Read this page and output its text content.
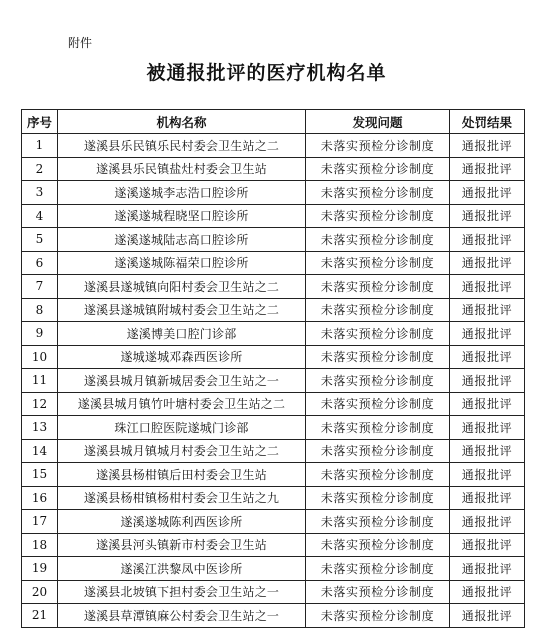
附件
被通报批评的医疗机构名单
序号	机构名称	发现问题	处罚结果
1	遂溪县乐民镇乐民村委会卫生站之二	未落实预检分诊制度	通报批评
2	遂溪县乐民镇盐灶村委会卫生站	未落实预检分诊制度	通报批评
3	遂溪遂城李志浩口腔诊所	未落实预检分诊制度	通报批评
4	遂溪遂城程晓坚口腔诊所	未落实预检分诊制度	通报批评
5	遂溪遂城陆志高口腔诊所	未落实预检分诊制度	通报批评
6	遂溪遂城陈福荣口腔诊所	未落实预检分诊制度	通报批评
7	遂溪县遂城镇向阳村委会卫生站之二	未落实预检分诊制度	通报批评
8	遂溪县遂城镇附城村委会卫生站之二	未落实预检分诊制度	通报批评
9	遂溪博美口腔门诊部	未落实预检分诊制度	通报批评
10	遂城遂城邓森西医诊所	未落实预检分诊制度	通报批评
11	遂溪县城月镇新城居委会卫生站之一	未落实预检分诊制度	通报批评
12	遂溪县城月镇竹叶塘村委会卫生站之二	未落实预检分诊制度	通报批评
13	珠江口腔医院遂城门诊部	未落实预检分诊制度	通报批评
14	遂溪县城月镇城月村委会卫生站之二	未落实预检分诊制度	通报批评
15	遂溪县杨柑镇后田村委会卫生站	未落实预检分诊制度	通报批评
16	遂溪县杨柑镇杨柑村委会卫生站之九	未落实预检分诊制度	通报批评
17	遂溪遂城陈利西医诊所	未落实预检分诊制度	通报批评
18	遂溪县河头镇新市村委会卫生站	未落实预检分诊制度	通报批评
19	遂溪江洪黎凤中医诊所	未落实预检分诊制度	通报批评
20	遂溪县北坡镇下担村委会卫生站之一	未落实预检分诊制度	通报批评
21	遂溪县草潭镇麻公村委会卫生站之一	未落实预检分诊制度	通报批评
